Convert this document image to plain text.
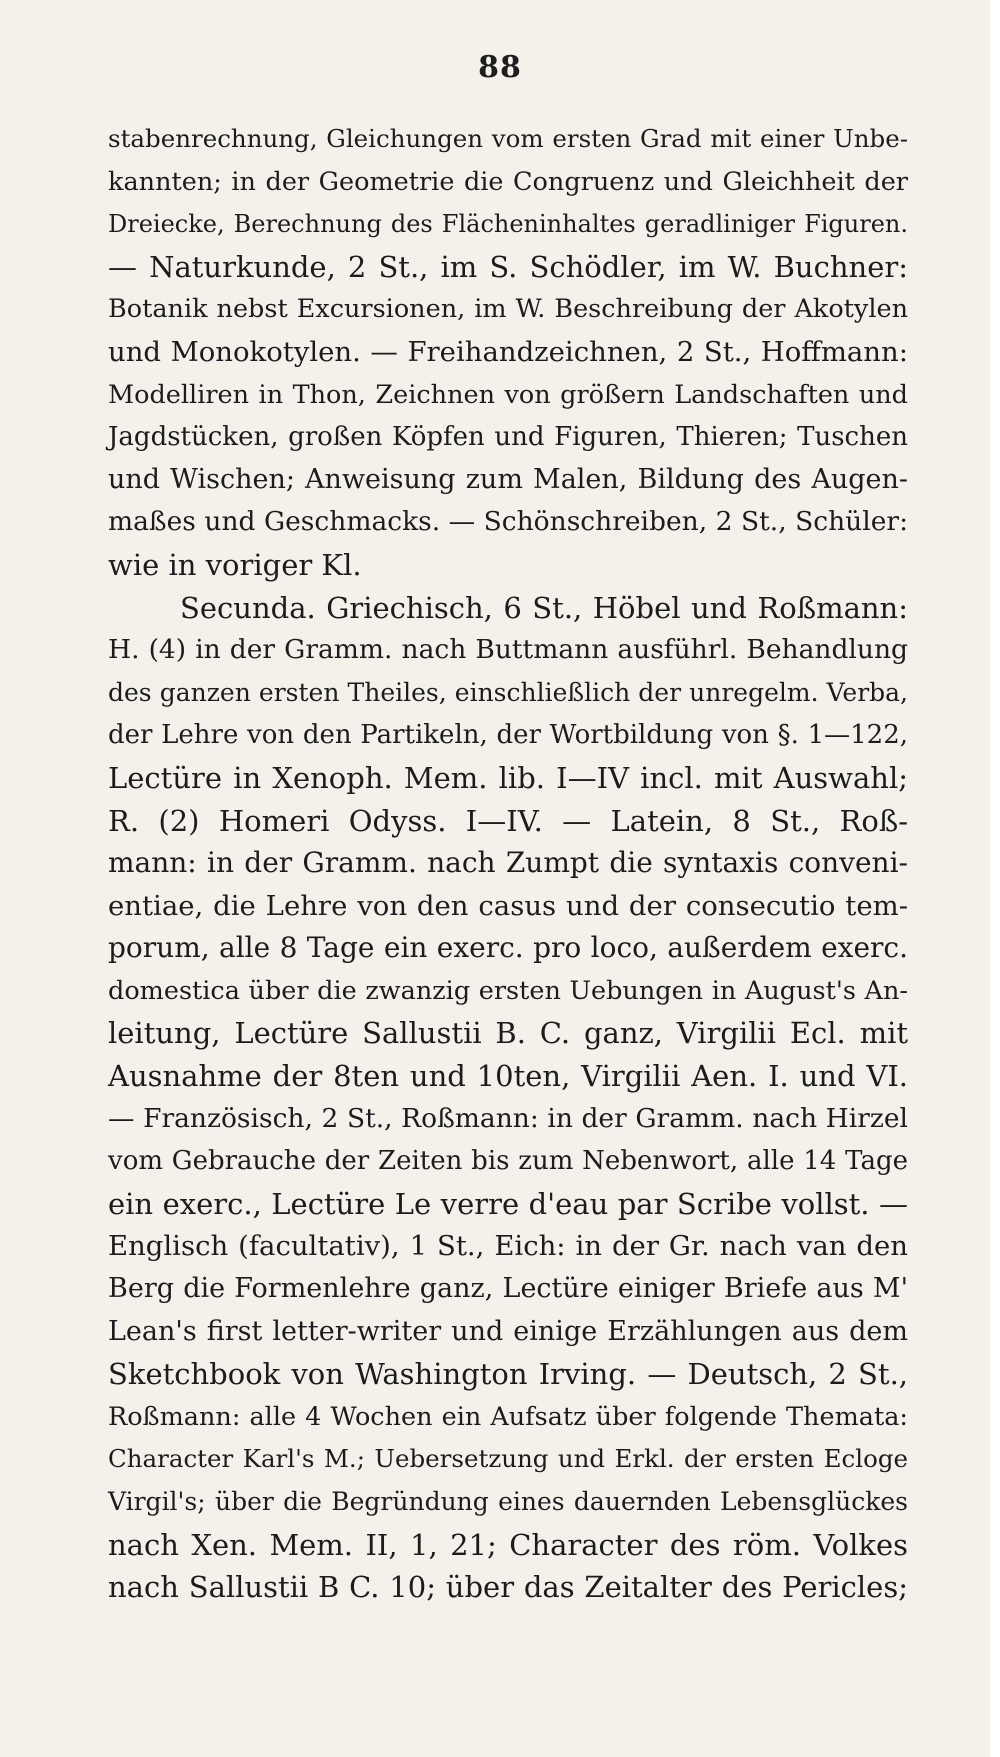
88
stabenrechnung, Gleichungen vom ersten Grad mit einer Unbe-
kannten; in der Geometrie die Congruenz und Gleichheit der
Dreiecke, Berechnung des Flächeninhaltes geradliniger Figuren.
— Naturkunde, 2 St., im S. Schödler, im W. Buchner:
Botanik nebst Excursionen, im W. Beschreibung der Akotylen
und Monokotylen. — Freihandzeichnen, 2 St., Hoffmann:
Modelliren in Thon, Zeichnen von größern Landschaften und
Jagdstücken, großen Köpfen und Figuren, Thieren; Tuschen
und Wischen; Anweisung zum Malen, Bildung des Augen-
maßes und Geschmacks. — Schönschreiben, 2 St., Schüler:
wie in voriger Kl.
Secunda. Griechisch, 6 St., Höbel und Roßmann:
H. (4) in der Gramm. nach Buttmann ausführl. Behandlung
des ganzen ersten Theiles, einschließlich der unregelm. Verba,
der Lehre von den Partikeln, der Wortbildung von §. 1—122,
Lectüre in Xenoph. Mem. lib. I—IV incl. mit Auswahl;
R. (2) Homeri Odyss. I—IV. — Latein, 8 St., Roß-
mann: in der Gramm. nach Zumpt die syntaxis conveni-
entiae, die Lehre von den casus und der consecutio tem-
porum, alle 8 Tage ein exerc. pro loco, außerdem exerc.
domestica über die zwanzig ersten Uebungen in August's An-
leitung, Lectüre Sallustii B. C. ganz, Virgilii Ecl. mit
Ausnahme der 8ten und 10ten, Virgilii Aen. I. und VI.
— Französisch, 2 St., Roßmann: in der Gramm. nach Hirzel
vom Gebrauche der Zeiten bis zum Nebenwort, alle 14 Tage
ein exerc., Lectüre Le verre d'eau par Scribe vollst. —
Englisch (facultativ), 1 St., Eich: in der Gr. nach van den
Berg die Formenlehre ganz, Lectüre einiger Briefe aus M'
Lean's first letter-writer und einige Erzählungen aus dem
Sketchbook von Washington Irving. — Deutsch, 2 St.,
Roßmann: alle 4 Wochen ein Aufsatz über folgende Themata:
Character Karl's M.; Uebersetzung und Erkl. der ersten Ecloge
Virgil's; über die Begründung eines dauernden Lebensglückes
nach Xen. Mem. II, 1, 21; Character des röm. Volkes
nach Sallustii B C. 10; über das Zeitalter des Pericles;
